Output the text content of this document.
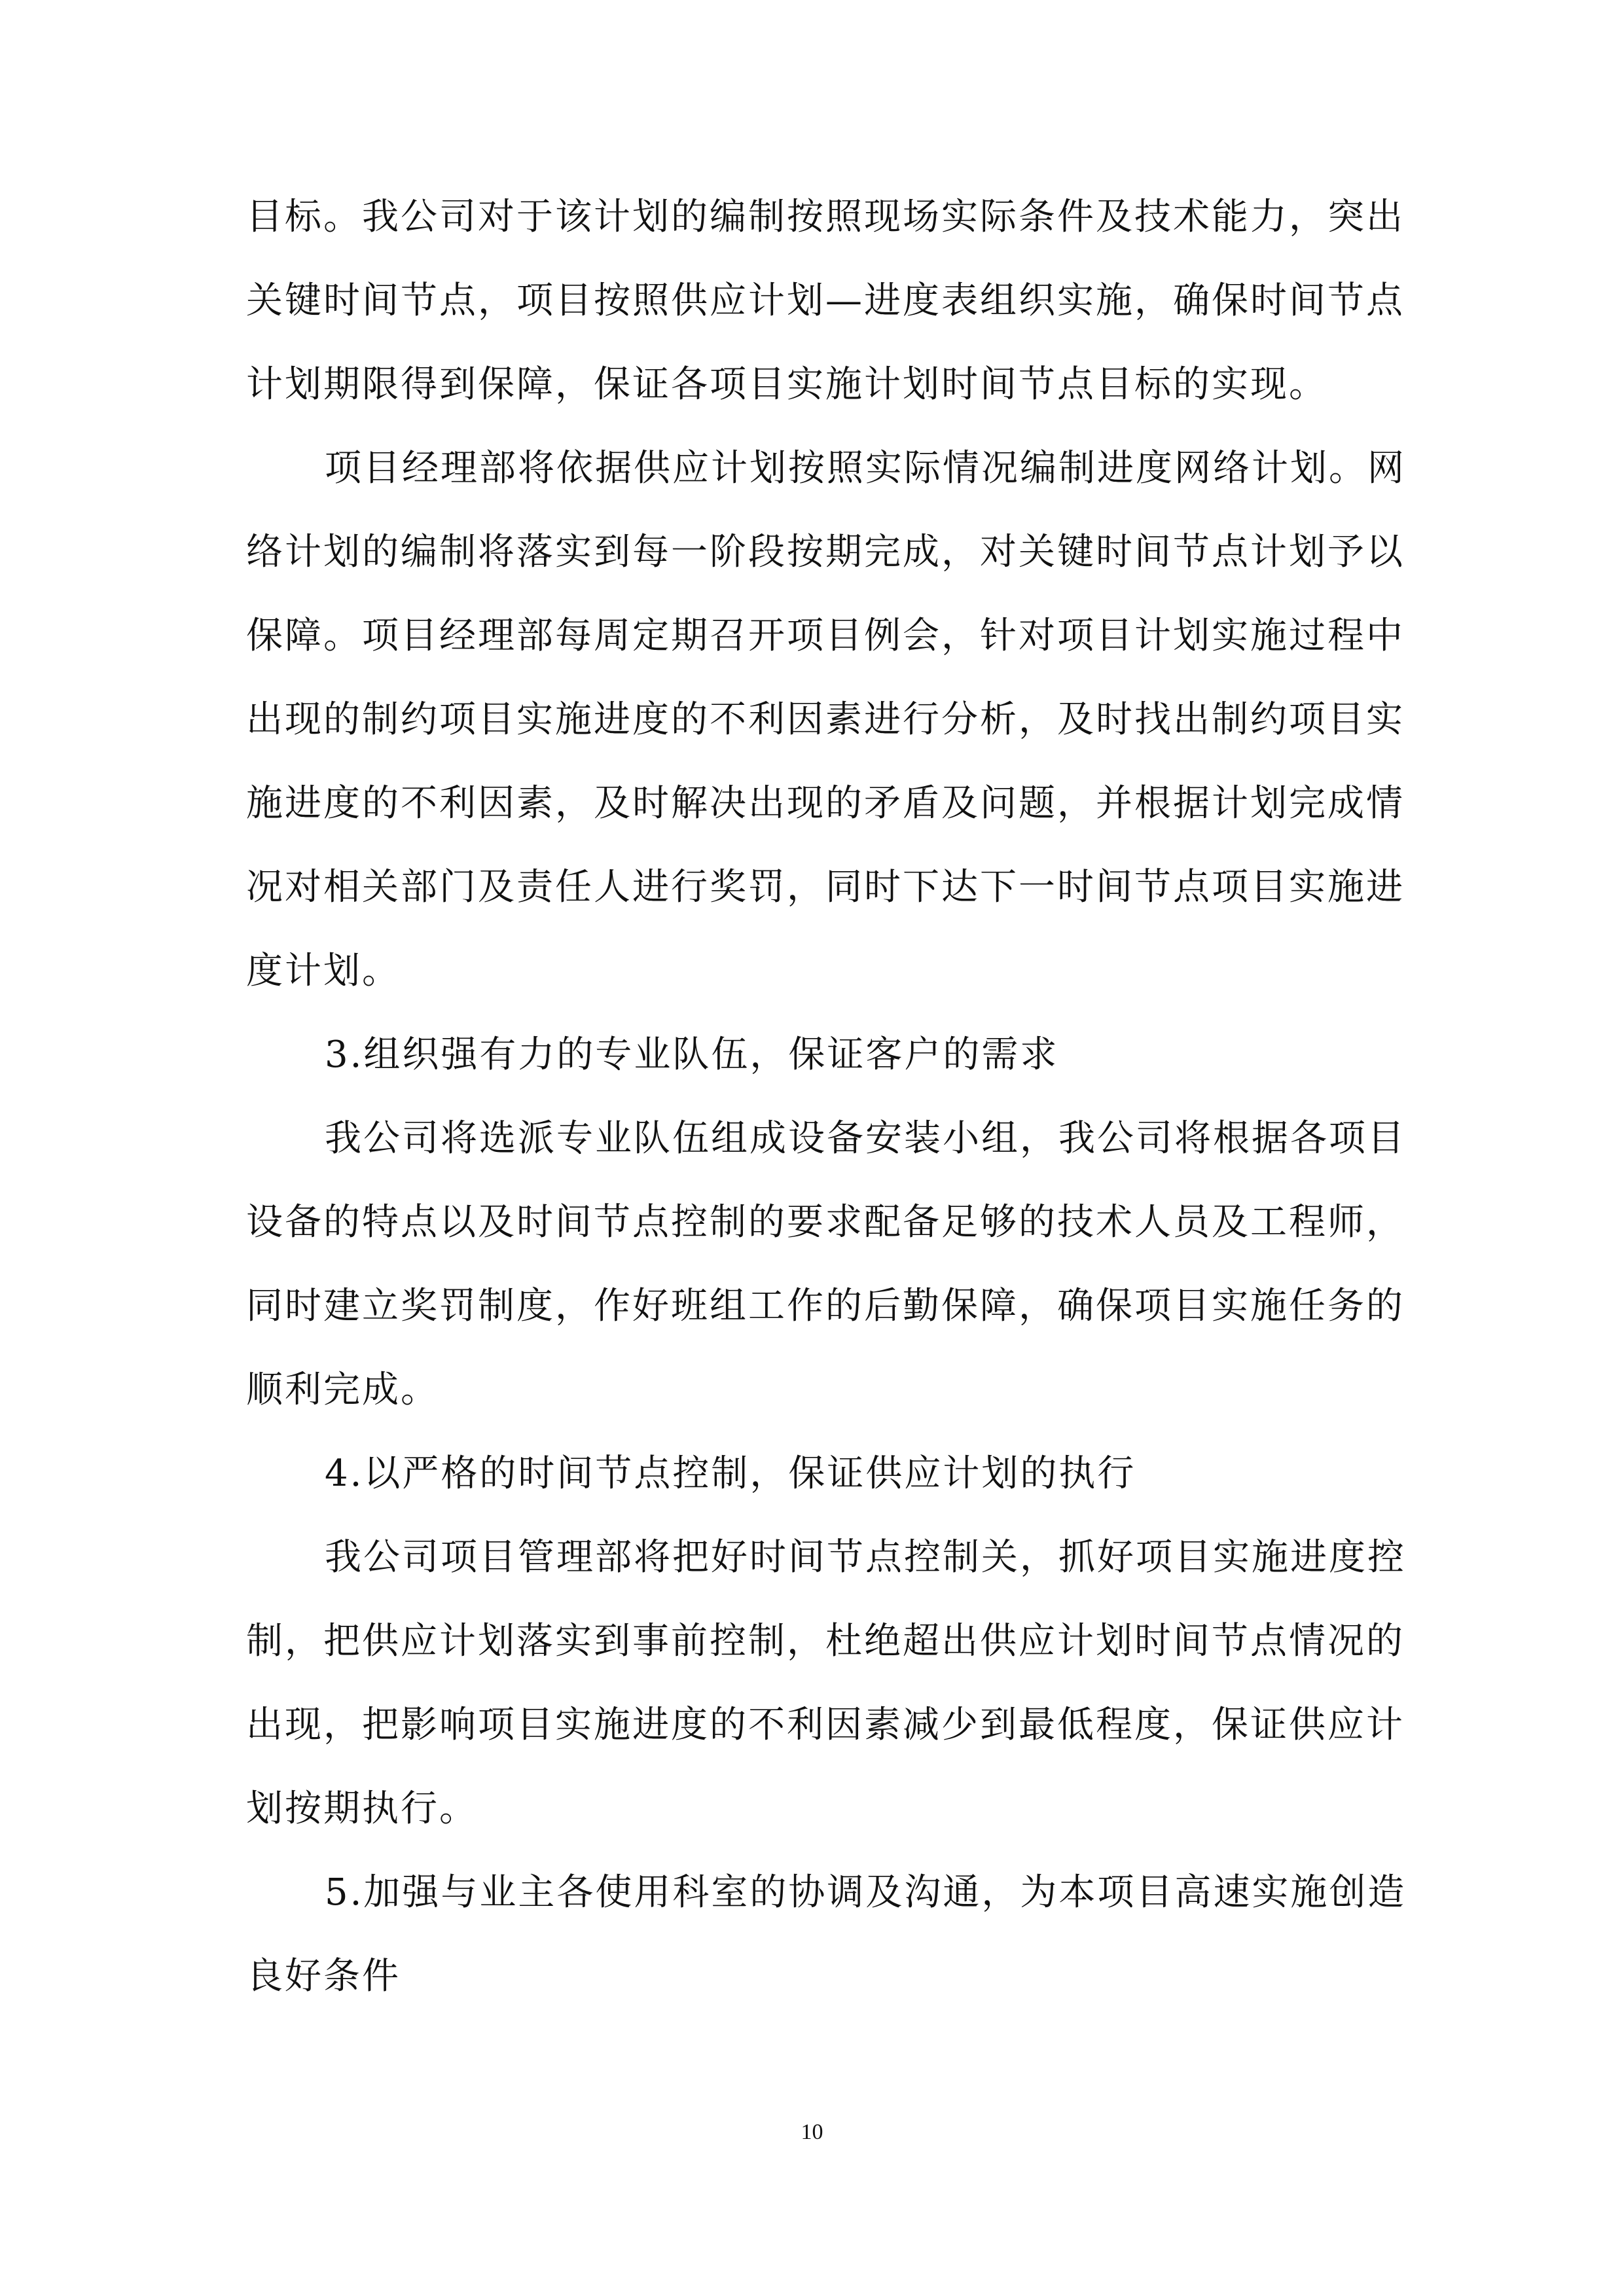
目标。我公司对于该计划的编制按照现场实际条件及技术能力，突出
关键时间节点，项目按照供应计划—进度表组织实施，确保时间节点
计划期限得到保障，保证各项目实施计划时间节点目标的实现。
项目经理部将依据供应计划按照实际情况编制进度网络计划。网
络计划的编制将落实到每一阶段按期完成，对关键时间节点计划予以
保障。项目经理部每周定期召开项目例会，针对项目计划实施过程中
出现的制约项目实施进度的不利因素进行分析，及时找出制约项目实
施进度的不利因素，及时解决出现的矛盾及问题，并根据计划完成情
况对相关部门及责任人进行奖罚，同时下达下一时间节点项目实施进
度计划。
3.组织强有力的专业队伍，保证客户的需求
我公司将选派专业队伍组成设备安装小组，我公司将根据各项目
设备的特点以及时间节点控制的要求配备足够的技术人员及工程师，
同时建立奖罚制度，作好班组工作的后勤保障，确保项目实施任务的
顺利完成。
4.以严格的时间节点控制，保证供应计划的执行
我公司项目管理部将把好时间节点控制关，抓好项目实施进度控
制，把供应计划落实到事前控制，杜绝超出供应计划时间节点情况的
出现，把影响项目实施进度的不利因素减少到最低程度，保证供应计
划按期执行。
5.加强与业主各使用科室的协调及沟通，为本项目高速实施创造
良好条件
10
